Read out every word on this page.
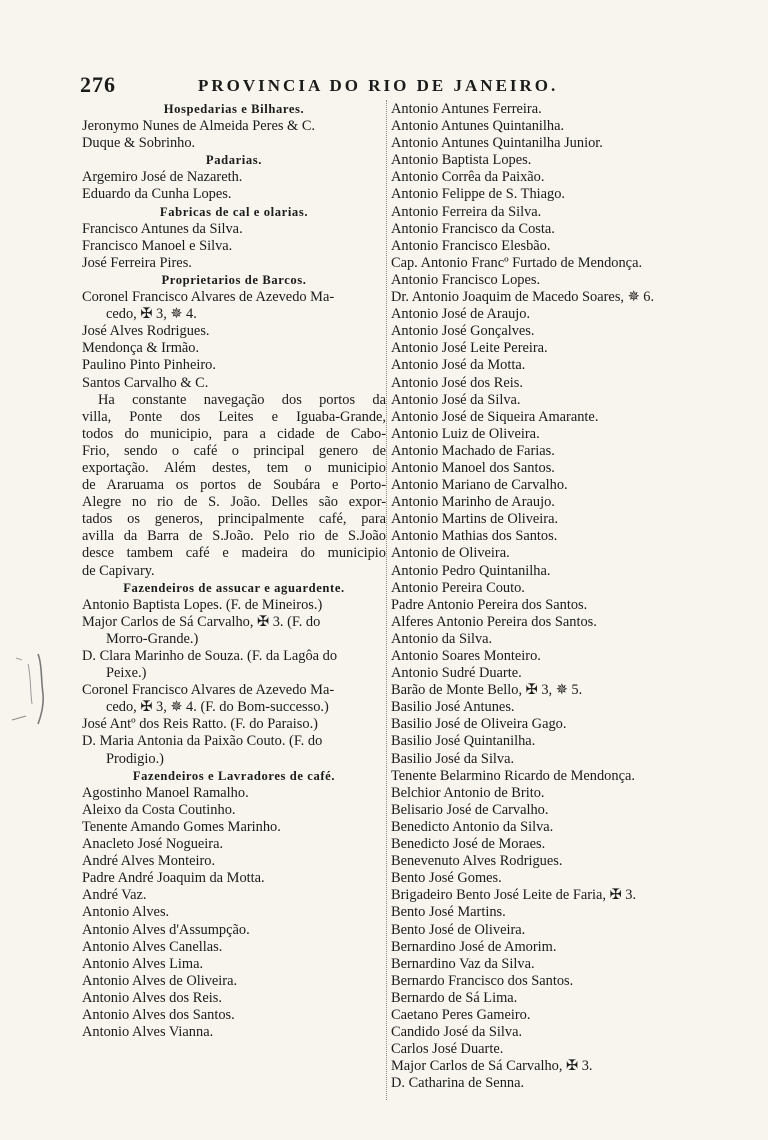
276	PROVINCIA DO RIO DE JANEIRO.
Hospedarias e Bilhares.
Jeronymo Nunes de Almeida Peres & C.
Duque & Sobrinho.
Padarias.
Argemiro José de Nazareth.
Eduardo da Cunha Lopes.
Fabricas de cal e olarias.
Francisco Antunes da Silva.
Francisco Manoel e Silva.
José Ferreira Pires.
Proprietarios de Barcos.
Coronel Francisco Alvares de Azevedo Ma-
cedo, ✠ 3, ✵ 4.
José Alves Rodrigues.
Mendonça & Irmão.
Paulino Pinto Pinheiro.
Santos Carvalho & C.
Ha constante navegação dos portos da
villa, Ponte dos Leites e Iguaba-Grande,
todos do municipio, para a cidade de Cabo-
Frio, sendo o café o principal genero de
exportação. Além destes, tem o municipio
de Araruama os portos de Soubára e Porto-
Alegre no rio de S. João. Delles são expor-
tados os generos, principalmente café, para
avilla da Barra de S.João. Pelo rio de S.João
desce tambem café e madeira do municipio
de Capivary.
Fazendeiros de assucar e aguardente.
Antonio Baptista Lopes. (F. de Mineiros.)
Major Carlos de Sá Carvalho, ✠ 3. (F. do
Morro-Grande.)
D. Clara Marinho de Souza. (F. da Lagôa do
Peixe.)
Coronel Francisco Alvares de Azevedo Ma-
cedo, ✠ 3, ✵ 4. (F. do Bom-successo.)
José Antº dos Reis Ratto. (F. do Paraiso.)
D. Maria Antonia da Paixão Couto. (F. do
Prodigio.)
Fazendeiros e Lavradores de café.
Agostinho Manoel Ramalho.
Aleixo da Costa Coutinho.
Tenente Amando Gomes Marinho.
Anacleto José Nogueira.
André Alves Monteiro.
Padre André Joaquim da Motta.
André Vaz.
Antonio Alves.
Antonio Alves d'Assumpção.
Antonio Alves Canellas.
Antonio Alves Lima.
Antonio Alves de Oliveira.
Antonio Alves dos Reis.
Antonio Alves dos Santos.
Antonio Alves Vianna.
Antonio Antunes Ferreira.
Antonio Antunes Quintanilha.
Antonio Antunes Quintanilha Junior.
Antonio Baptista Lopes.
Antonio Corrêa da Paixão.
Antonio Felippe de S. Thiago.
Antonio Ferreira da Silva.
Antonio Francisco da Costa.
Antonio Francisco Elesbão.
Cap. Antonio Francº Furtado de Mendonça.
Antonio Francisco Lopes.
Dr. Antonio Joaquim de Macedo Soares, ✵ 6.
Antonio José de Araujo.
Antonio José Gonçalves.
Antonio José Leite Pereira.
Antonio José da Motta.
Antonio José dos Reis.
Antonio José da Silva.
Antonio José de Siqueira Amarante.
Antonio Luiz de Oliveira.
Antonio Machado de Farias.
Antonio Manoel dos Santos.
Antonio Mariano de Carvalho.
Antonio Marinho de Araujo.
Antonio Martins de Oliveira.
Antonio Mathias dos Santos.
Antonio de Oliveira.
Antonio Pedro Quintanilha.
Antonio Pereira Couto.
Padre Antonio Pereira dos Santos.
Alferes Antonio Pereira dos Santos.
Antonio da Silva.
Antonio Soares Monteiro.
Antonio Sudré Duarte.
Barão de Monte Bello, ✠ 3, ✵ 5.
Basilio José Antunes.
Basilio José de Oliveira Gago.
Basilio José Quintanilha.
Basilio José da Silva.
Tenente Belarmino Ricardo de Mendonça.
Belchior Antonio de Brito.
Belisario José de Carvalho.
Benedicto Antonio da Silva.
Benedicto José de Moraes.
Benevenuto Alves Rodrigues.
Bento José Gomes.
Brigadeiro Bento José Leite de Faria, ✠ 3.
Bento José Martins.
Bento José de Oliveira.
Bernardino José de Amorim.
Bernardino Vaz da Silva.
Bernardo Francisco dos Santos.
Bernardo de Sá Lima.
Caetano Peres Gameiro.
Candido José da Silva.
Carlos José Duarte.
Major Carlos de Sá Carvalho, ✠ 3.
D. Catharina de Senna.
